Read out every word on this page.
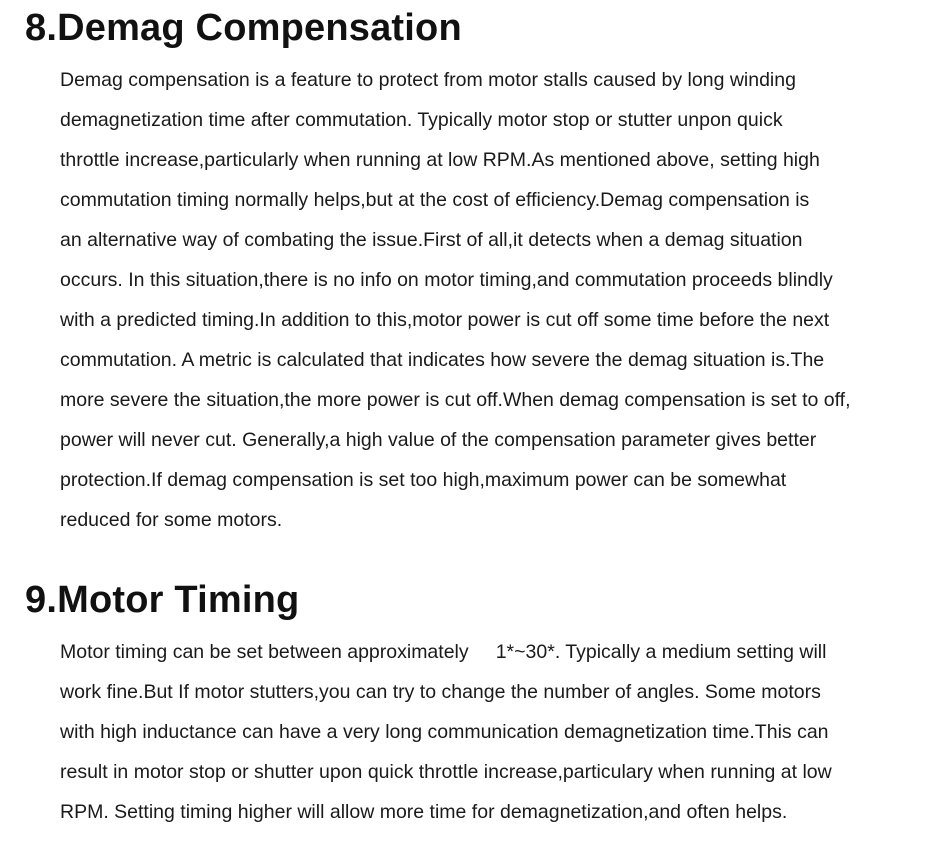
8.Demag Compensation
Demag compensation is a feature to protect from motor stalls caused by long winding
demagnetization time after commutation. Typically motor stop or stutter unpon quick
throttle increase,particularly when running at low RPM.As mentioned above, setting high
commutation timing normally helps,but at the cost of efficiency.Demag compensation is
an alternative way of combating the issue.First of all,it detects when a demag situation
occurs. In this situation,there is no info on motor timing,and commutation proceeds blindly
with a predicted timing.In addition to this,motor power is cut off some time before the next
commutation. A metric is calculated that indicates how severe the demag situation is.The
more severe the situation,the more power is cut off.When demag compensation is set to off,
power will never cut. Generally,a high value of the compensation parameter gives better
protection.If demag compensation is set too high,maximum power can be somewhat
reduced for some motors.
9.Motor Timing
Motor timing can be set between approximately     1*~30*. Typically a medium setting will
work fine.But If motor stutters,you can try to change the number of angles. Some motors
with high inductance can have a very long communication demagnetization time.This can
result in motor stop or shutter upon quick throttle increase,particulary when running at low
RPM. Setting timing higher will allow more time for demagnetization,and often helps.
